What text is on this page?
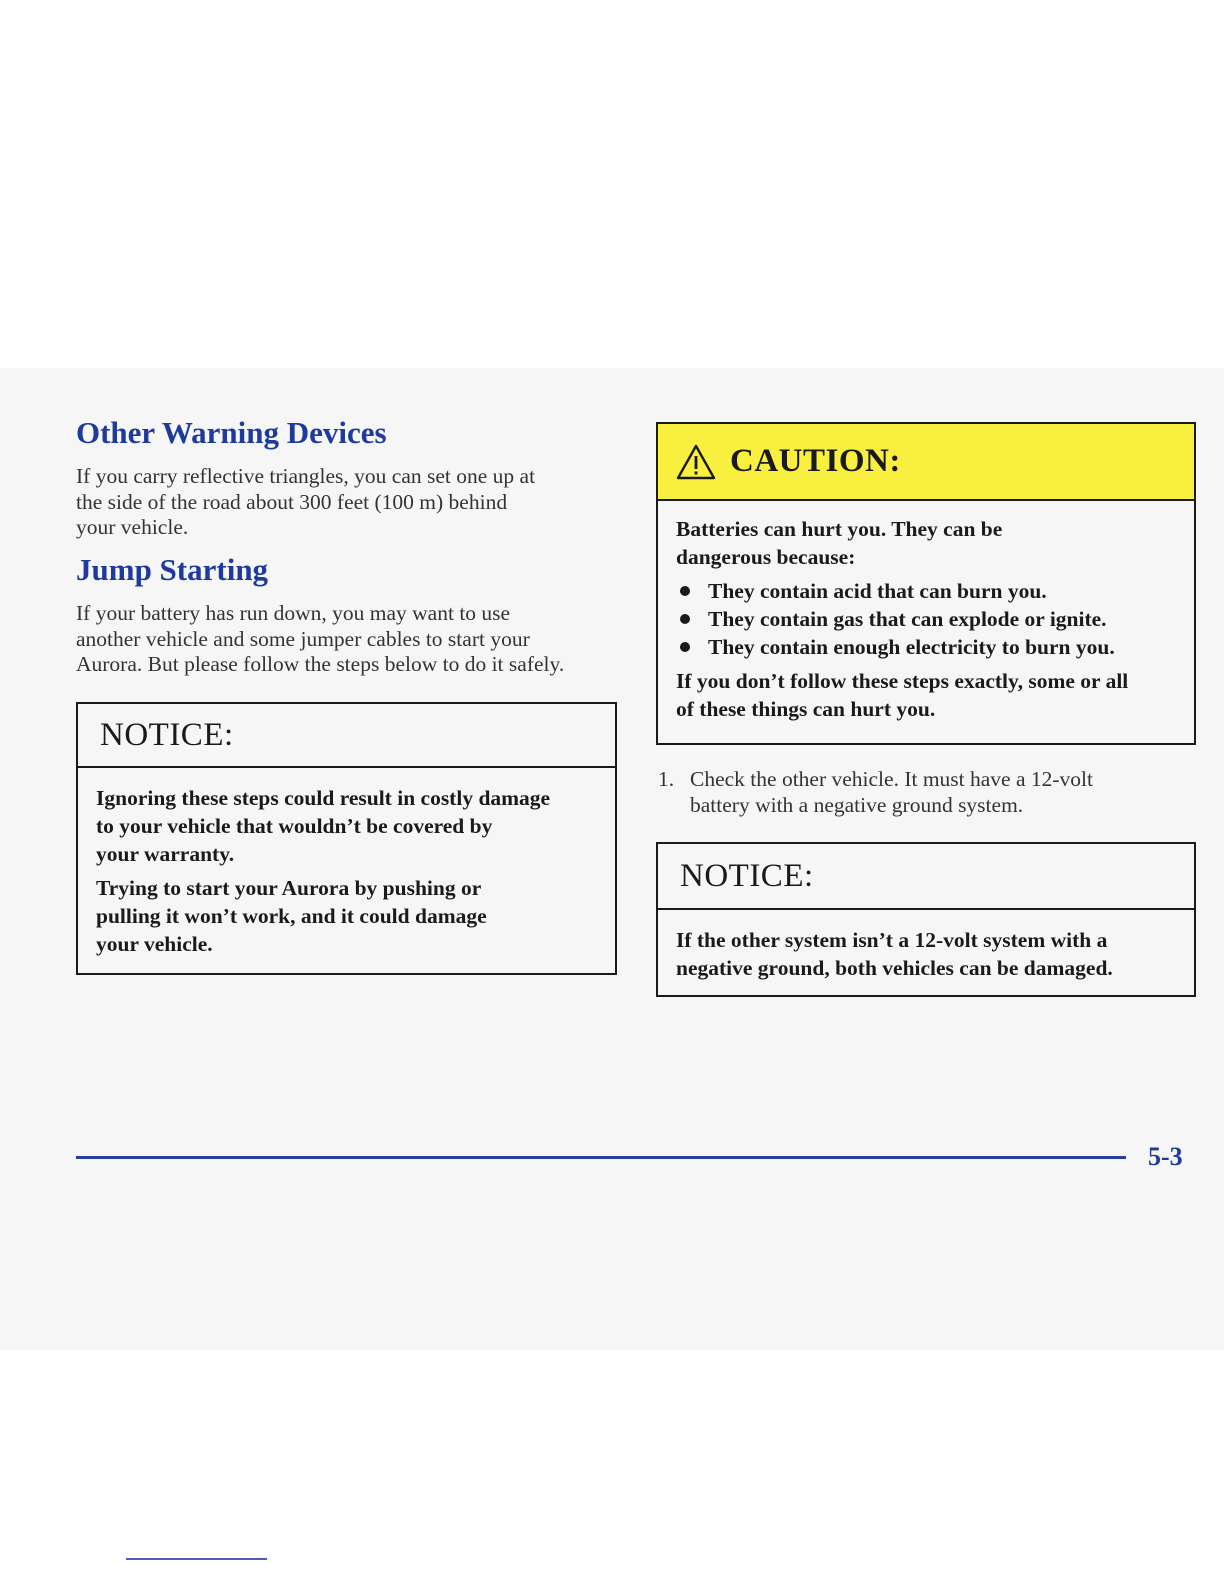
Other Warning Devices

If you carry reflective triangles, you can set one up at
the side of the road about 300 feet (100 m) behind
your vehicle.

Jump Starting

If your battery has run down, you may want to use
another vehicle and some jumper cables to start your
Aurora. But please follow the steps below to do it safely.

NOTICE:

Ignoring these steps could result in costly damage
to your vehicle that wouldn’t be covered by
your warranty.

Trying to start your Aurora by pushing or
pulling it won’t work, and it could damage
your vehicle.

CAUTION:

Batteries can hurt you. They can be
dangerous because:

They contain acid that can burn you.
They contain gas that can explode or ignite.
They contain enough electricity to burn you.

If you don’t follow these steps exactly, some or all
of these things can hurt you.

1. Check the other vehicle. It must have a 12-volt
battery with a negative ground system.
NOTICE:

If the other system isn’t a 12-volt system with a
negative ground, both vehicles can be damaged.

5-3
